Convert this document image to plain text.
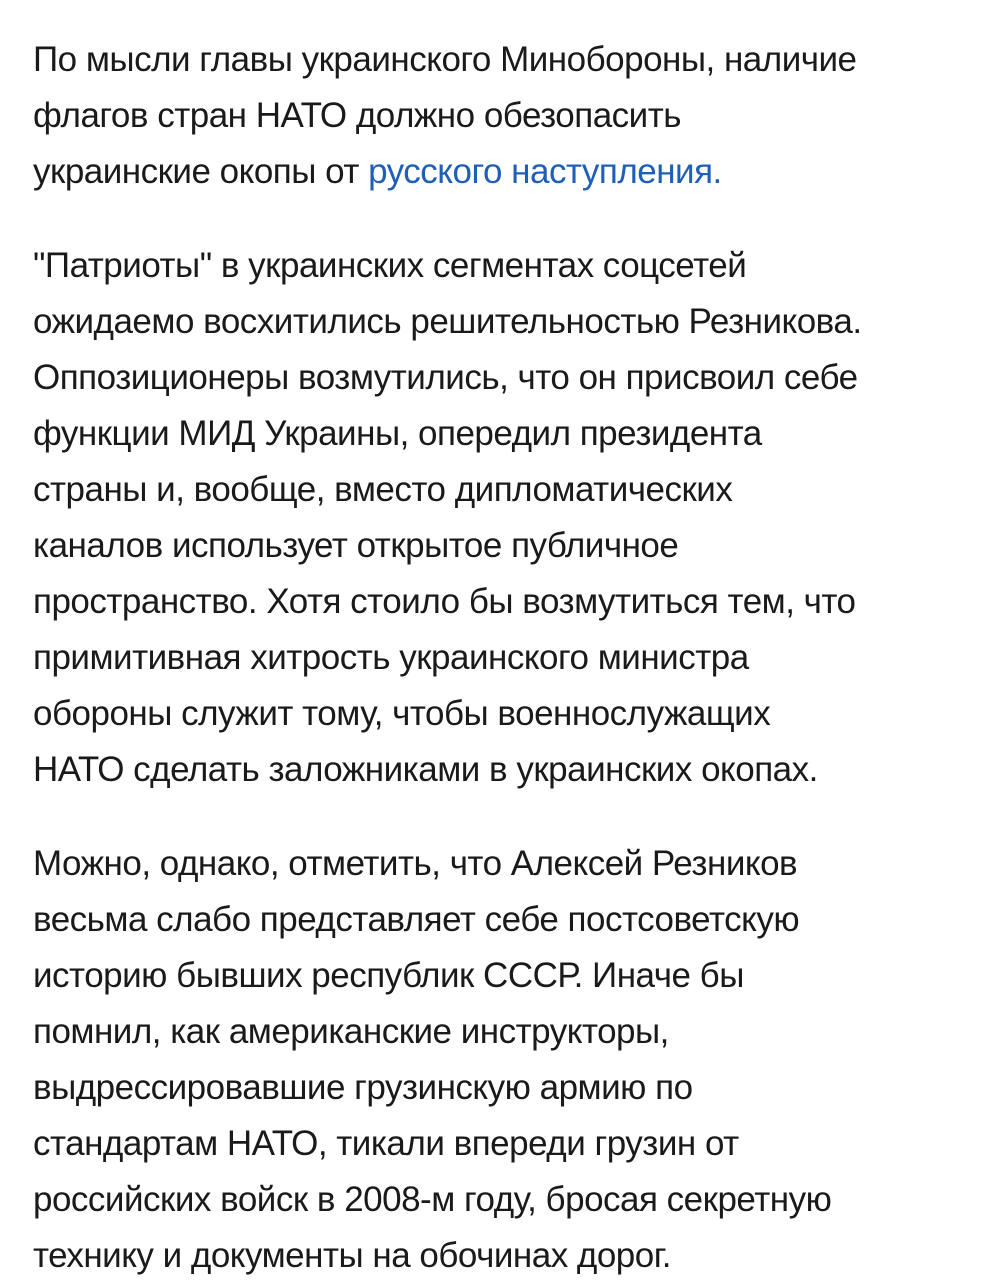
По мысли главы украинского Минобороны, наличие
флагов стран НАТО должно обезопасить
украинские окопы от русского наступления.

"Патриоты" в украинских сегментах соцсетей
ожидаемо восхитились решительностью Резникова.
Оппозиционеры возмутились, что он присвоил себе
функции МИД Украины, опередил президента
страны и, вообще, вместо дипломатических
каналов использует открытое публичное
пространство. Хотя стоило бы возмутиться тем, что
примитивная хитрость украинского министра
обороны служит тому, чтобы военнослужащих
НАТО сделать заложниками в украинских окопах.

Можно, однако, отметить, что Алексей Резников
весьма слабо представляет себе постсоветскую
историю бывших республик СССР. Иначе бы
помнил, как американские инструкторы,
выдрессировавшие грузинскую армию по
стандартам НАТО, тикали впереди грузин от
российских войск в 2008-м году, бросая секретную
технику и документы на обочинах дорог.
